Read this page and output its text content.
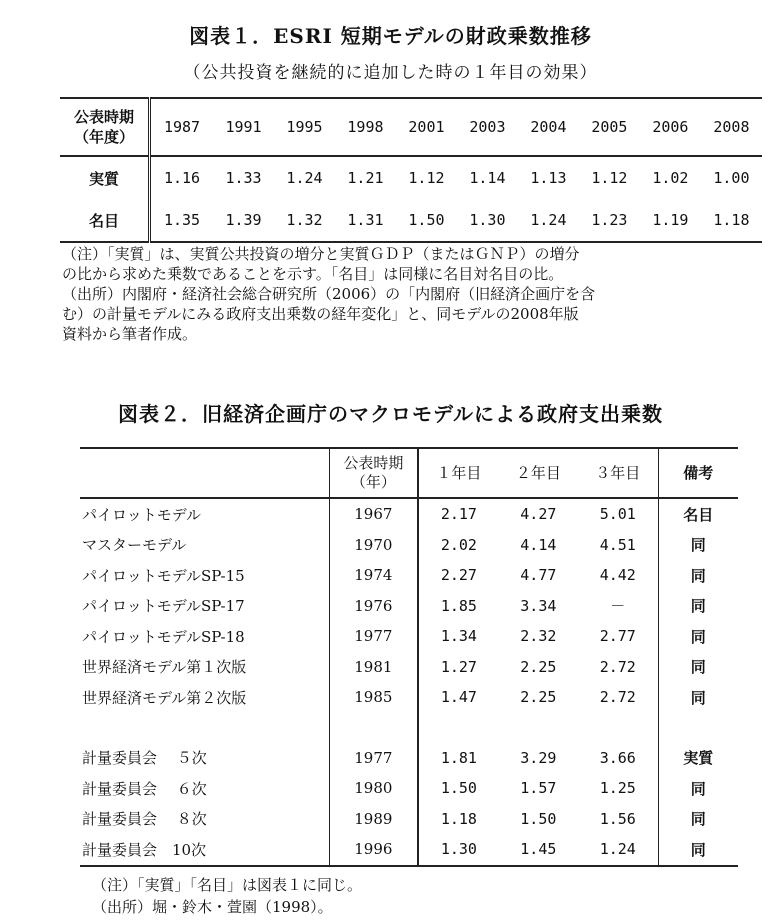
図表１．ESRI 短期モデルの財政乗数推移
（公共投資を継続的に追加した時の１年目の効果）
公表時期
（年度）	1987	1991	1995	1998	2001	2003	2004	2005	2006	2008
実質	1.16	1.33	1.24	1.21	1.12	1.14	1.13	1.12	1.02	1.00
名目	1.35	1.39	1.32	1.31	1.50	1.30	1.24	1.23	1.19	1.18

（注）「実質」は、実質公共投資の増分と実質ＧＤＰ（またはＧＮＰ）の増分

の比から求めた乗数であることを示す。「名目」は同様に名目対名目の比。

（出所）内閣府・経済社会総合研究所（2006）の「内閣府（旧経済企画庁を含

む）の計量モデルにみる政府支出乗数の経年変化」と、同モデルの2008年版

資料から筆者作成。

図表２．旧経済企画庁のマクロモデルによる政府支出乗数

	公表時期
（年）	１年目	２年目	３年目	備考
パイロットモデル	1967	2.17	4.27	5.01	名目
マスターモデル	1970	2.02	4.14	4.51	同
パイロットモデルSP-15	1974	2.27	4.77	4.42	同
パイロットモデルSP-17	1976	1.85	3.34	－	同
パイロットモデルSP-18	1977	1.34	2.32	2.77	同
世界経済モデル第１次版	1981	1.27	2.25	2.72	同
世界経済モデル第２次版	1985	1.47	2.25	2.72	同

計量委員会　 ５次	1977	1.81	3.29	3.66	実質
計量委員会　 ６次	1980	1.50	1.57	1.25	同
計量委員会　 ８次	1989	1.18	1.50	1.56	同
計量委員会　10次	1996	1.30	1.45	1.24	同

（注）「実質」「名目」は図表１に同じ。

（出所）堀・鈴木・萱園（1998）。
